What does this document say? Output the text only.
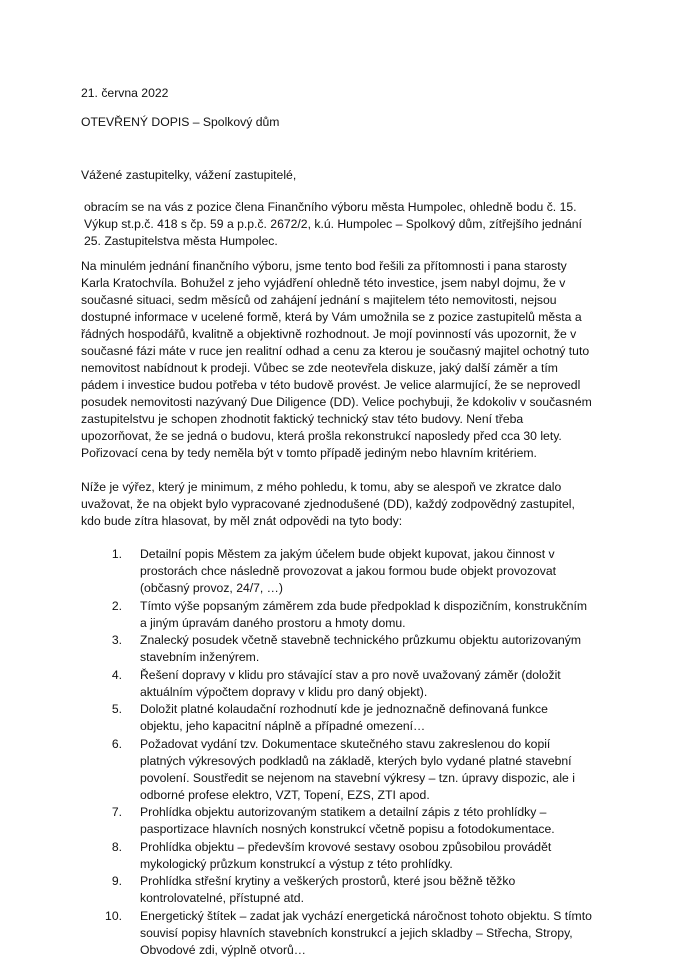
21. června 2022

OTEVŘENÝ DOPIS – Spolkový dům

Vážené zastupitelky, vážení zastupitelé,

obracím se na vás z pozice člena Finančního výboru města Humpolec, ohledně bodu č. 15. Výkup st.p.č. 418 s čp. 59 a p.p.č. 2672/2, k.ú. Humpolec – Spolkový dům, zítřejšího jednání 25. Zastupitelstva města Humpolec.

Na minulém jednání finančního výboru, jsme tento bod řešili za přítomnosti i pana starosty Karla Kratochvíla. Bohužel z jeho vyjádření ohledně této investice, jsem nabyl dojmu, že v současné situaci, sedm měsíců od zahájení jednání s majitelem této nemovitosti, nejsou dostupné informace v ucelené formě, která by Vám umožnila se z pozice zastupitelů města a řádných hospodářů, kvalitně a objektivně rozhodnout. Je mojí povinností vás upozornit, že v současné fázi máte v ruce jen realitní odhad a cenu za kterou je současný majitel ochotný tuto nemovitost nabídnout k prodeji. Vůbec se zde neotevřela diskuze, jaký další záměr a tím pádem i investice budou potřeba v této budově provést. Je velice alarmující, že se neprovedl posudek nemovitosti nazývaný Due Diligence (DD). Velice pochybuji, že kdokoliv v současném zastupitelstvu je schopen zhodnotit faktický technický stav této budovy. Není třeba upozorňovat, že se jedná o budovu, která prošla rekonstrukcí naposledy před cca 30 lety. Pořizovací cena by tedy neměla být v tomto případě jediným nebo hlavním kritériem.

Níže je výřez, který je minimum, z mého pohledu, k tomu, aby se alespoň ve zkratce dalo uvažovat, že na objekt bylo vypracované zjednodušené (DD), každý zodpovědný zastupitel, kdo bude zítra hlasovat, by měl znát odpovědi na tyto body:

1.	Detailní popis Městem za jakým účelem bude objekt kupovat, jakou činnost v prostorách chce následně provozovat a jakou formou bude objekt provozovat (občasný provoz, 24/7, …)
2.	Tímto výše popsaným záměrem zda bude předpoklad k dispozičním, konstrukčním a jiným úpravám daného prostoru a hmoty domu.
3.	Znalecký posudek včetně stavebně technického průzkumu objektu autorizovaným stavebním inženýrem.
4.	Řešení dopravy v klidu pro stávající stav a pro nově uvažovaný záměr (doložit aktuálním výpočtem dopravy v klidu pro daný objekt).
5.	Doložit platné kolaudační rozhodnutí kde je jednoznačně definovaná funkce objektu, jeho kapacitní náplně a případné omezení…
6.	Požadovat vydání tzv. Dokumentace skutečného stavu zakreslenou do kopií platných výkresových podkladů na základě, kterých bylo vydané platné stavební povolení. Soustředit se nejenom na stavební výkresy – tzn. úpravy dispozic, ale i odborné profese elektro, VZT, Topení, EZS, ZTI apod.
7.	Prohlídka objektu autorizovaným statikem a detailní zápis z této prohlídky – pasportizace hlavních nosných konstrukcí včetně popisu a fotodokumentace.
8.	Prohlídka objektu – především krovové sestavy osobou způsobilou provádět mykologický průzkum konstrukcí a výstup z této prohlídky.
9.	Prohlídka střešní krytiny a veškerých prostorů, které jsou běžně těžko kontrolovatelné, přístupné atd.
10.	Energetický štítek – zadat jak vychází energetická náročnost tohoto objektu. S tímto souvisí popisy hlavních stavebních konstrukcí a jejich skladby – Střecha, Stropy, Obvodové zdi, výplně otvorů…
